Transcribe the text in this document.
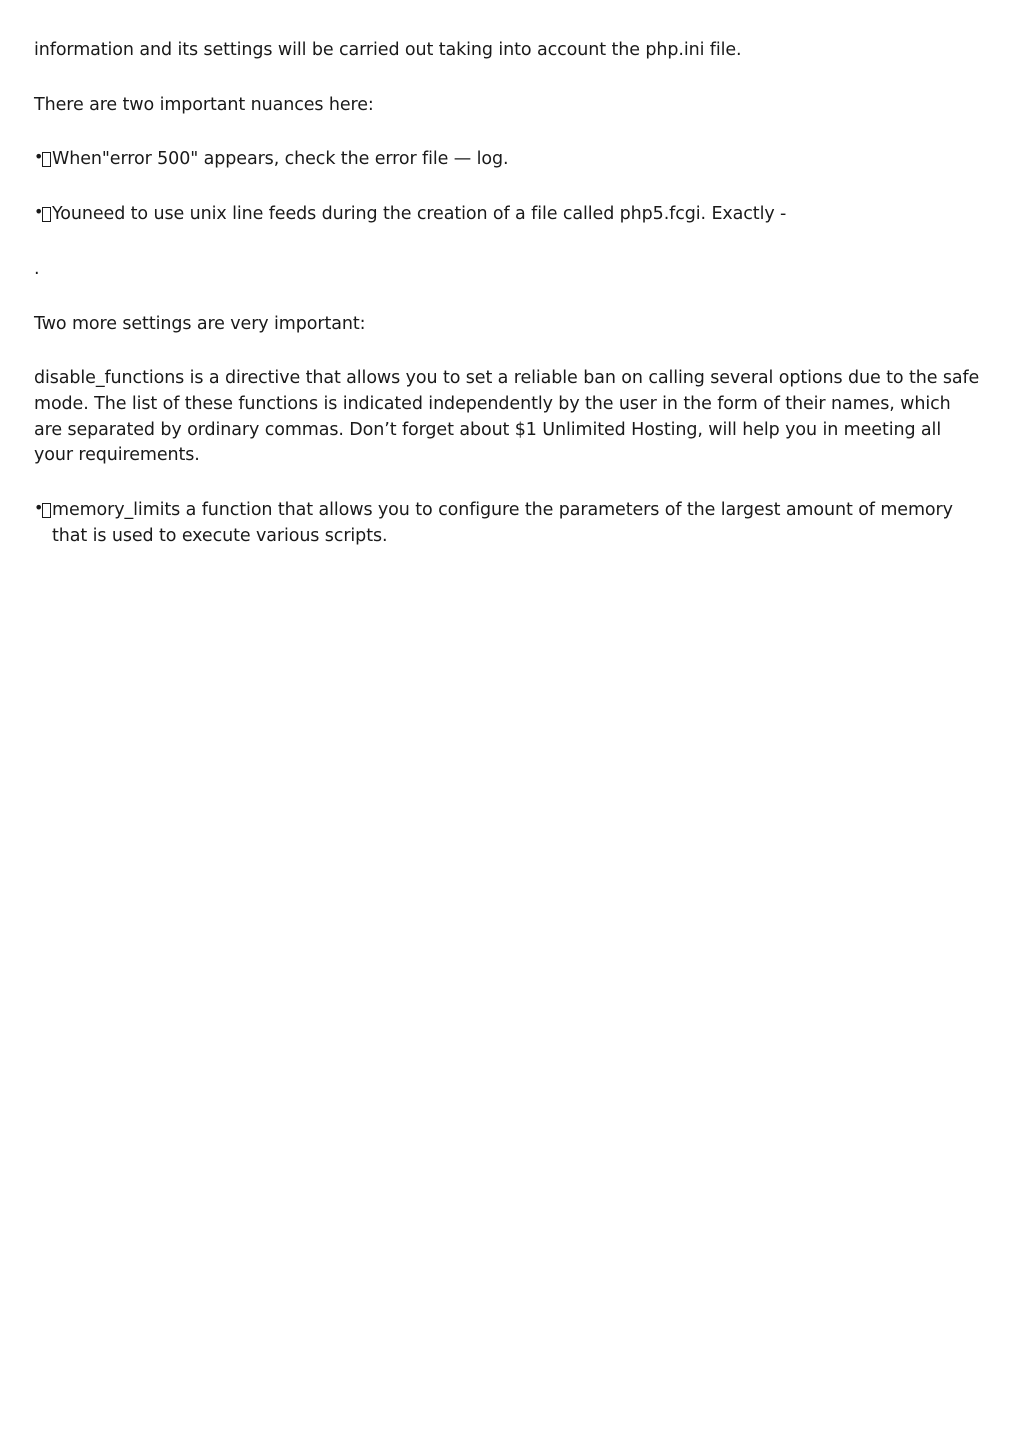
information and its settings will be carried out taking into account the php.ini file.

There are two important nuances here:

• When"error 500" appears, check the error file — log.

• Youneed to use unix line feeds during the creation of a file called php5.fcgi. Exactly -

.

Two more settings are very important:

disable_functions is a directive that allows you to set a reliable ban on calling several options due to the safe mode. The list of these functions is indicated independently by the user in the form of their names, which are separated by ordinary commas. Don’t forget about $1 Unlimited Hosting, will help you in meeting all your requirements.

• memory_limits a function that allows you to configure the parameters of the largest amount of memory that is used to execute various scripts.
